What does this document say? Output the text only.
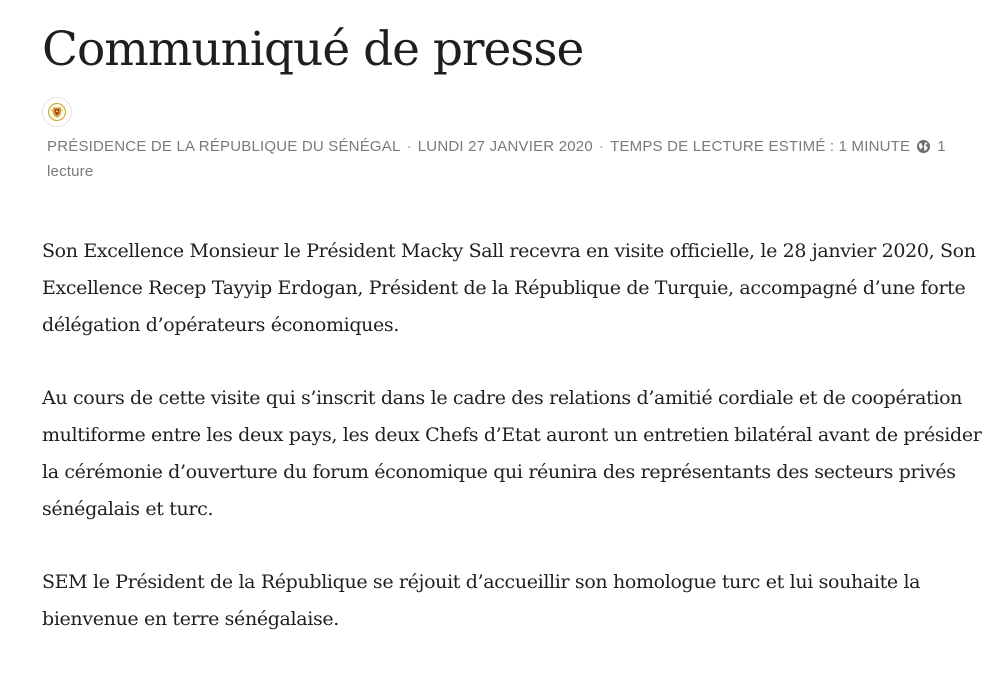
Communiqué de presse
PRÉSIDENCE DE LA RÉPUBLIQUE DU SÉNÉGAL · LUNDI 27 JANVIER 2020 · TEMPS DE LECTURE ESTIMÉ : 1 MINUTE 1 lecture

Son Excellence Monsieur le Président Macky Sall recevra en visite officielle, le 28 janvier 2020, Son Excellence Recep Tayyip Erdogan, Président de la République de Turquie, accompagné d’une forte délégation d’opérateurs économiques.

Au cours de cette visite qui s’inscrit dans le cadre des relations d’amitié cordiale et de coopération multiforme entre les deux pays, les deux Chefs d’Etat auront un entretien bilatéral avant de présider la cérémonie d’ouverture du forum économique qui réunira des représentants des secteurs privés sénégalais et turc.

SEM le Président de la République se réjouit d’accueillir son homologue turc et lui souhaite la bienvenue en terre sénégalaise.
